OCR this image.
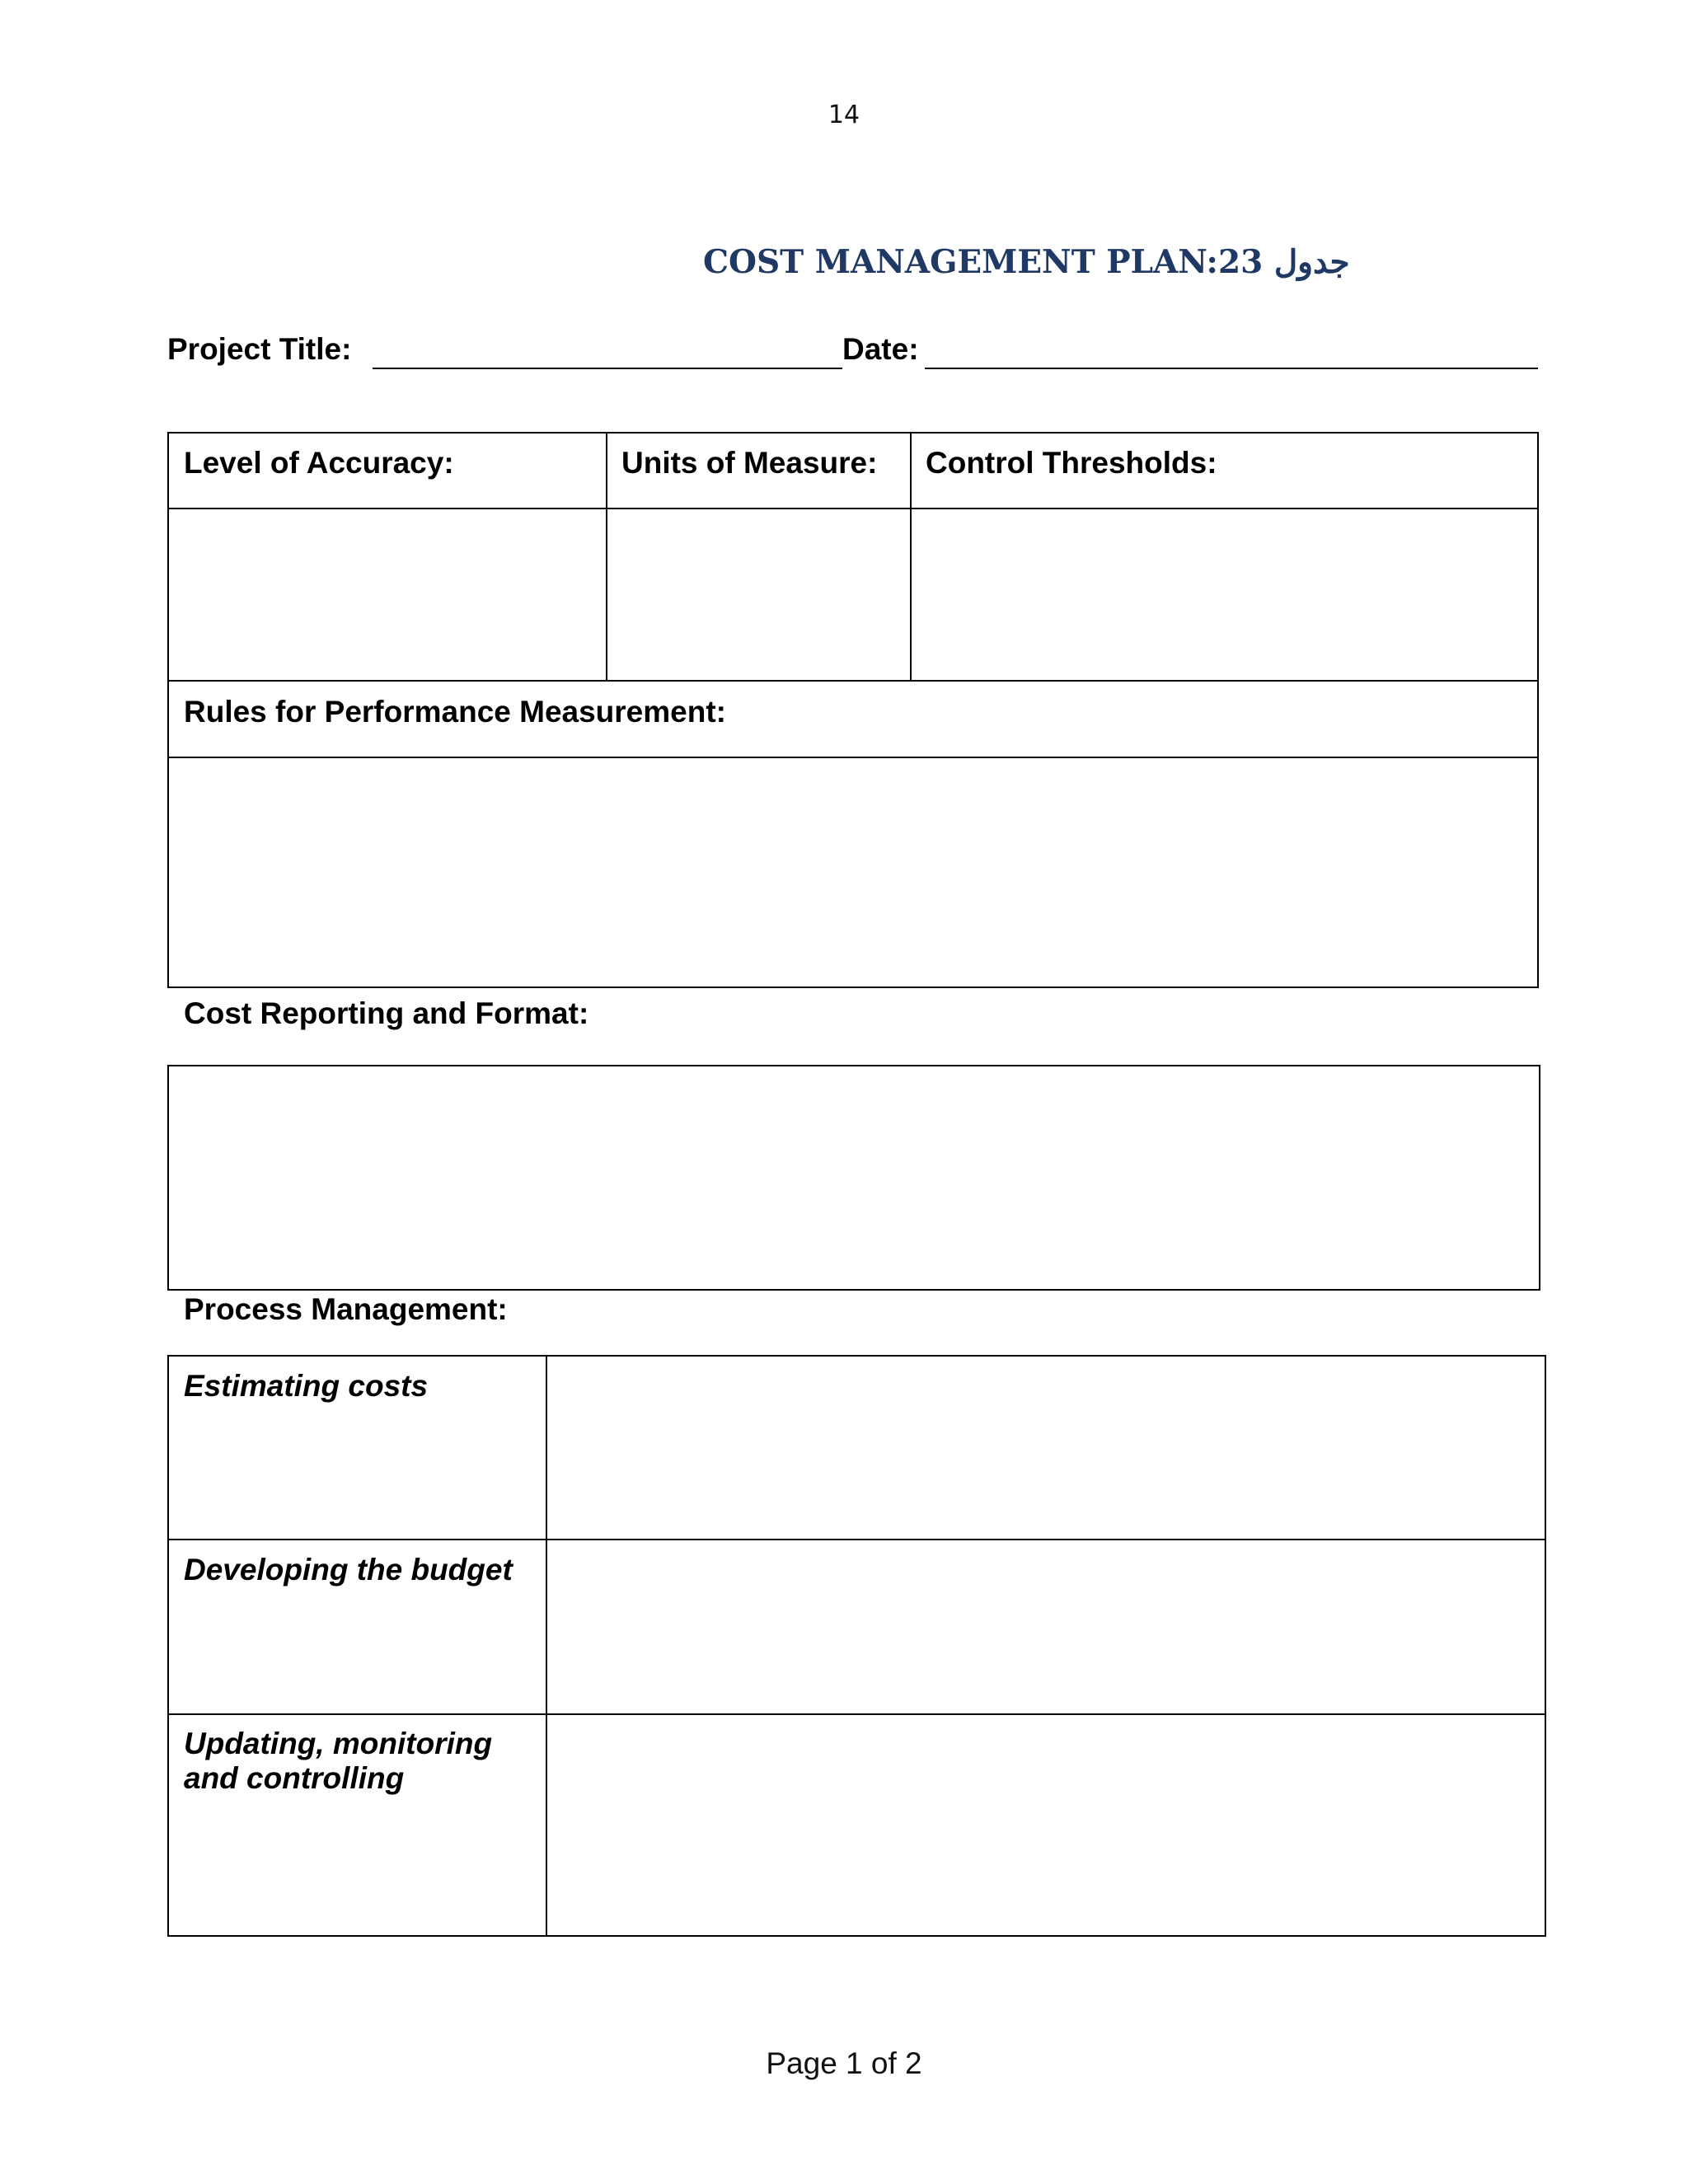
14
COST MANAGEMENT PLAN:23 جدول
Project Title:	Date:
Level of Accuracy:	Units of Measure: Control Thresholds:
Rules for Performance Measurement:
Cost Reporting and Format:
Process Management:
Estimating costs
Developing the budget
Updating, monitoring and controlling
Page 1 of 2
